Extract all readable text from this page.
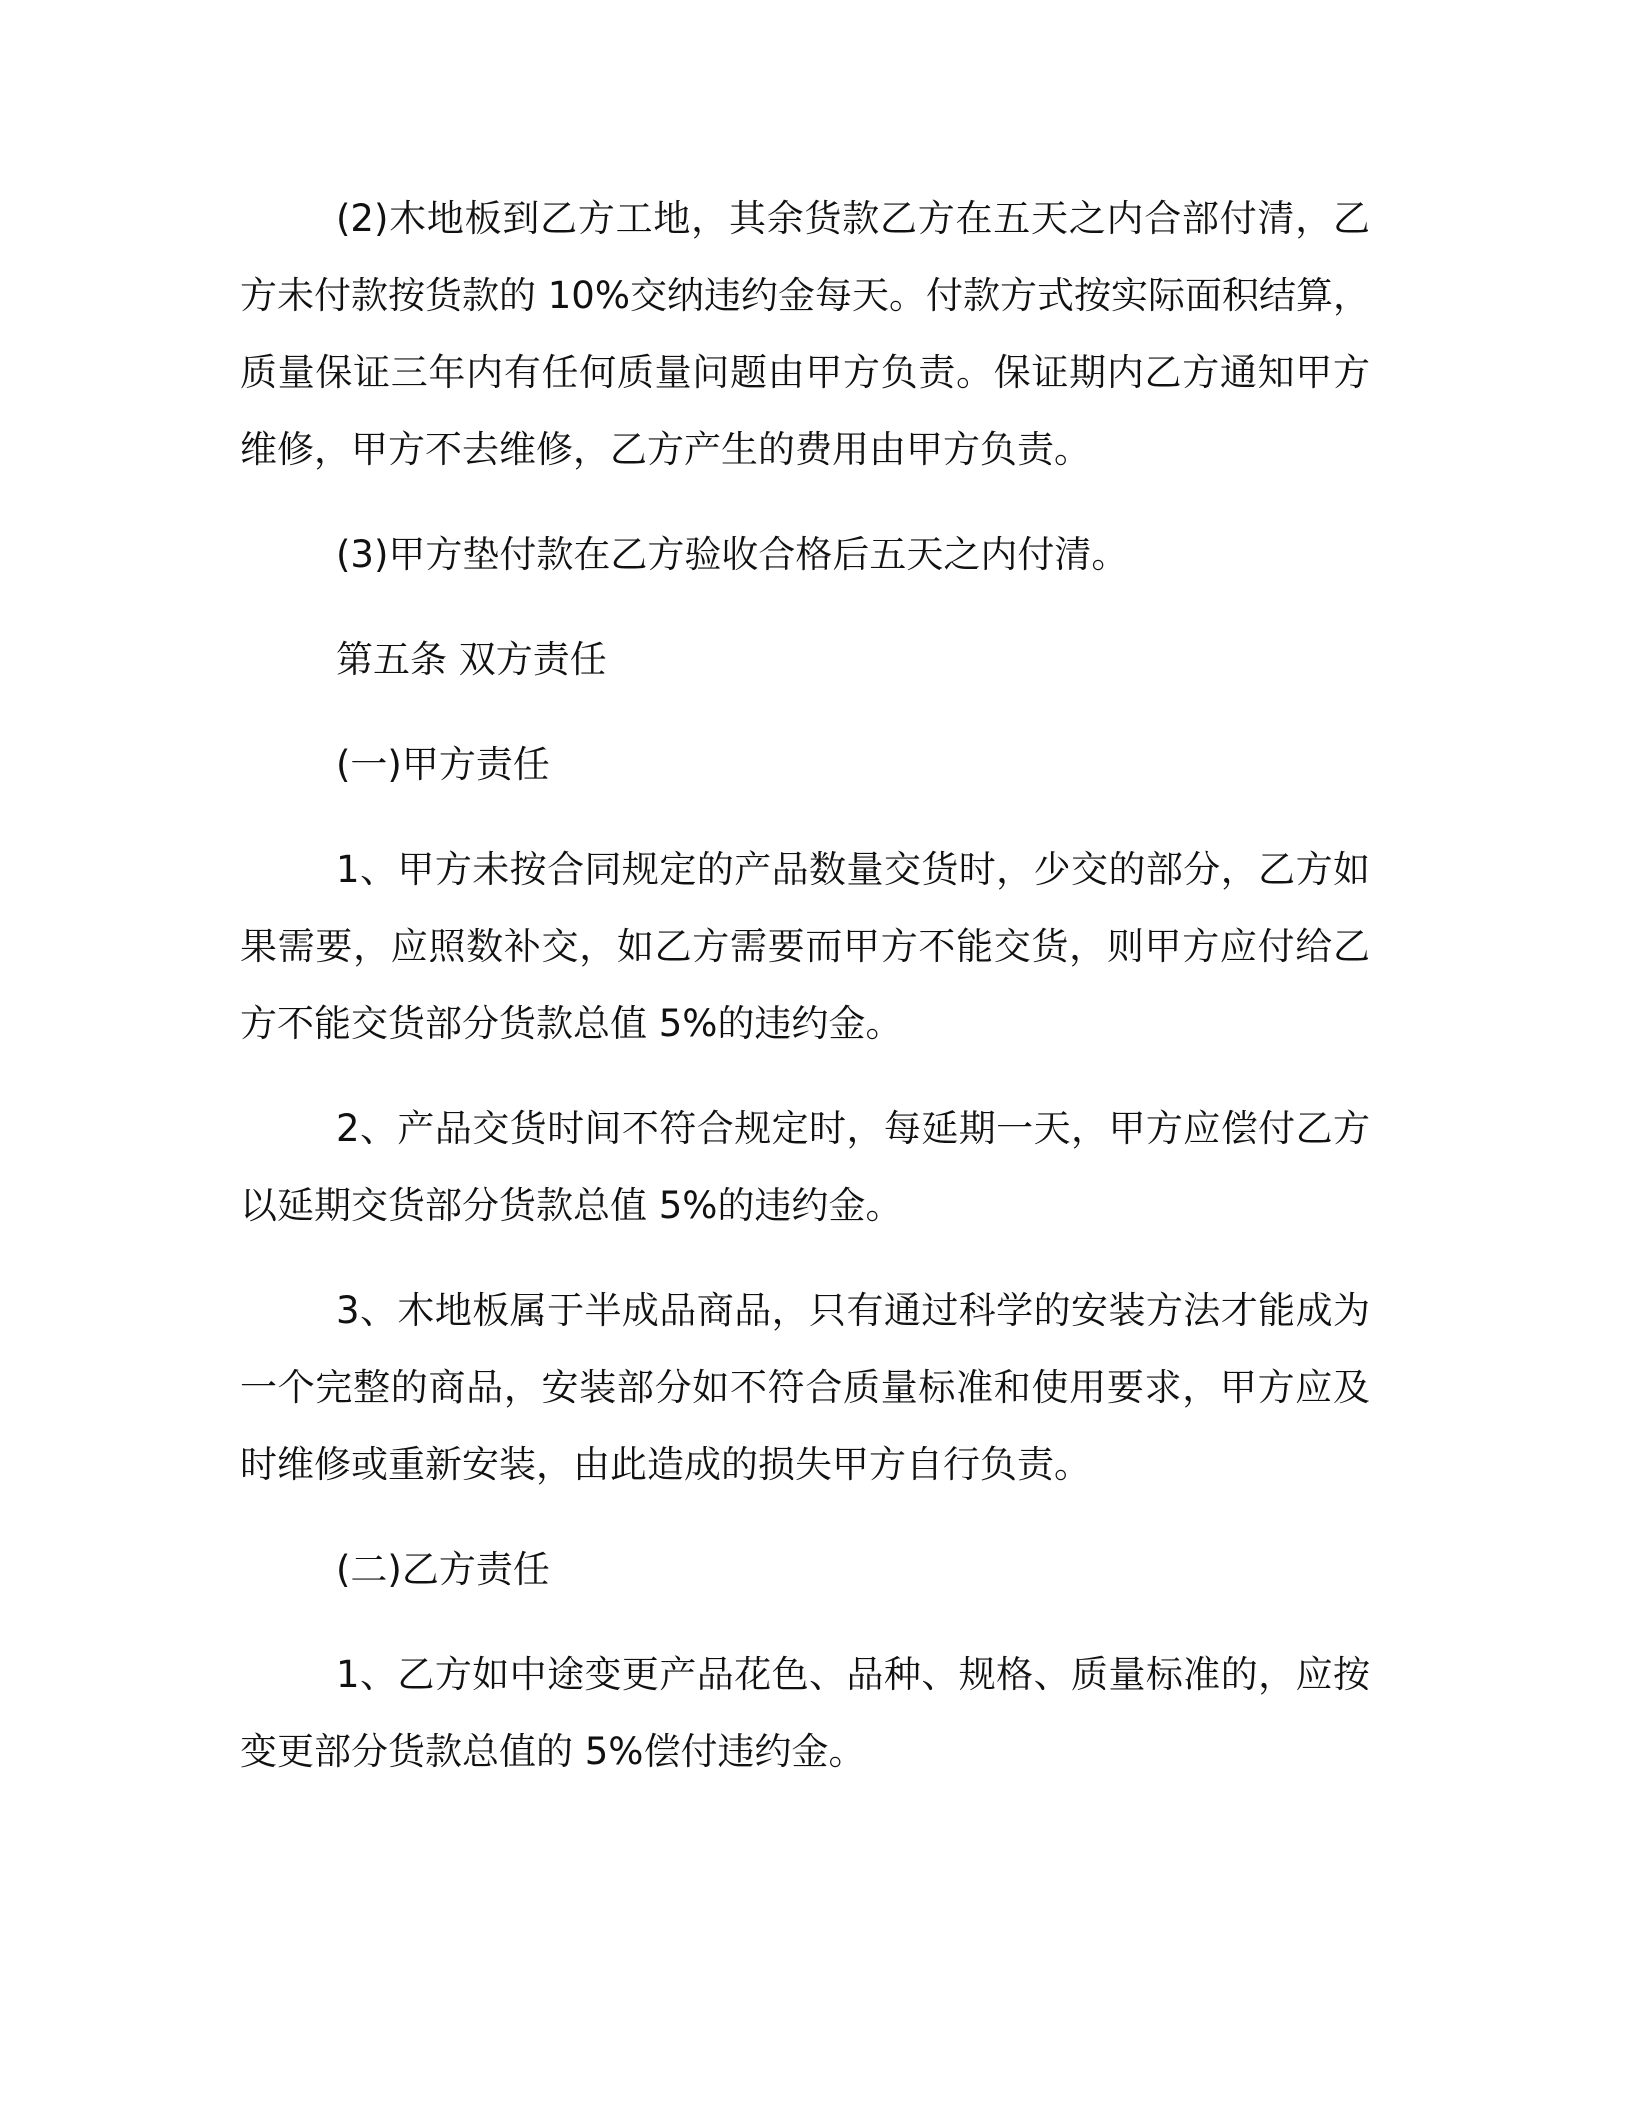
(2)木地板到乙方工地，其余货款乙方在五天之内合部付清，乙方未付款按货款的 10%交纳违约金每天。付款方式按实际面积结算，质量保证三年内有任何质量问题由甲方负责。保证期内乙方通知甲方维修，甲方不去维修，乙方产生的费用由甲方负责。

(3)甲方垫付款在乙方验收合格后五天之内付清。

第五条 双方责任

(一)甲方责任

1、甲方未按合同规定的产品数量交货时，少交的部分，乙方如果需要，应照数补交，如乙方需要而甲方不能交货，则甲方应付给乙方不能交货部分货款总值 5%的违约金。

2、产品交货时间不符合规定时，每延期一天，甲方应偿付乙方以延期交货部分货款总值 5%的违约金。

3、木地板属于半成品商品，只有通过科学的安装方法才能成为一个完整的商品，安装部分如不符合质量标准和使用要求，甲方应及时维修或重新安装，由此造成的损失甲方自行负责。

(二)乙方责任

1、乙方如中途变更产品花色、品种、规格、质量标准的，应按变更部分货款总值的 5%偿付违约金。
